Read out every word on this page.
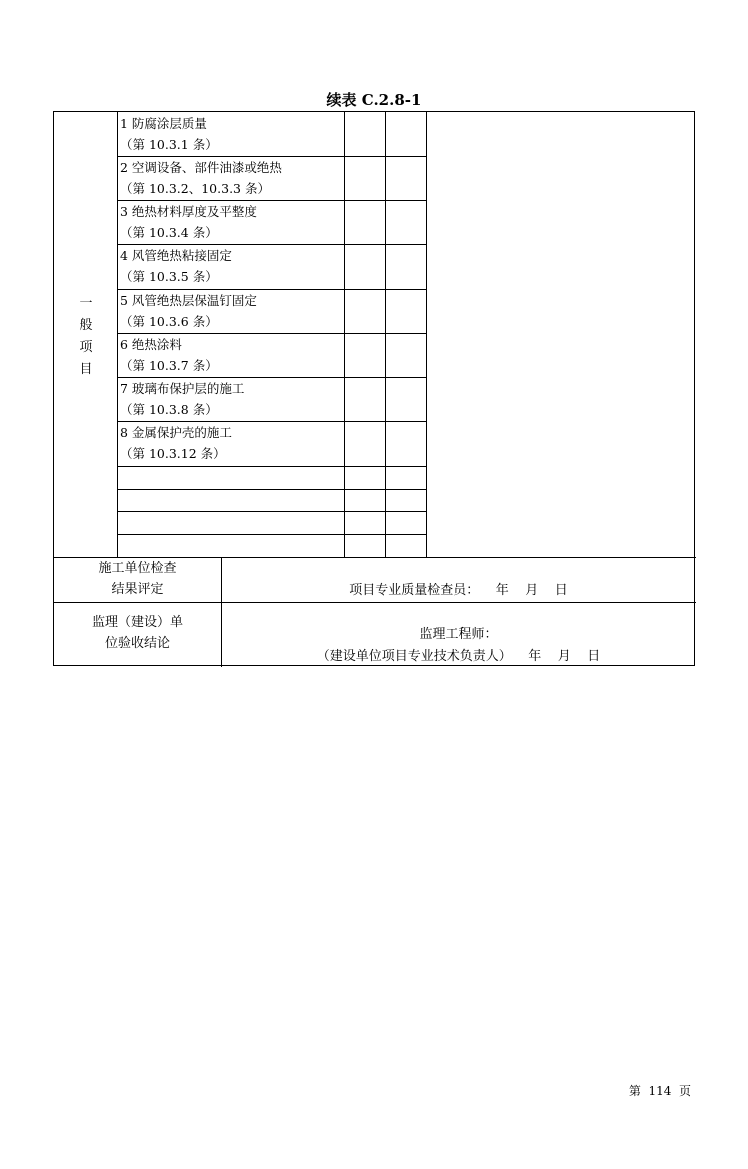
续表 C.2.8-1
一
般
项
目
1 防腐涂层质量
（第 10.3.1 条）
2 空调设备、部件油漆或绝热
（第 10.3.2、10.3.3 条）
3 绝热材料厚度及平整度
（第 10.3.4 条）
4 风管绝热粘接固定
（第 10.3.5 条）
5 风管绝热层保温钉固定
（第 10.3.6 条）
6 绝热涂料
（第 10.3.7 条）
7 玻璃布保护层的施工
（第 10.3.8 条）
8 金属保护壳的施工
（第 10.3.12 条）
施工单位检查
结果评定	项目专业质量检查员：    年    月    日
监理（建设）单
位验收结论
监理工程师：
（建设单位项目专业技术负责人）    年    月    日
第  114  页
